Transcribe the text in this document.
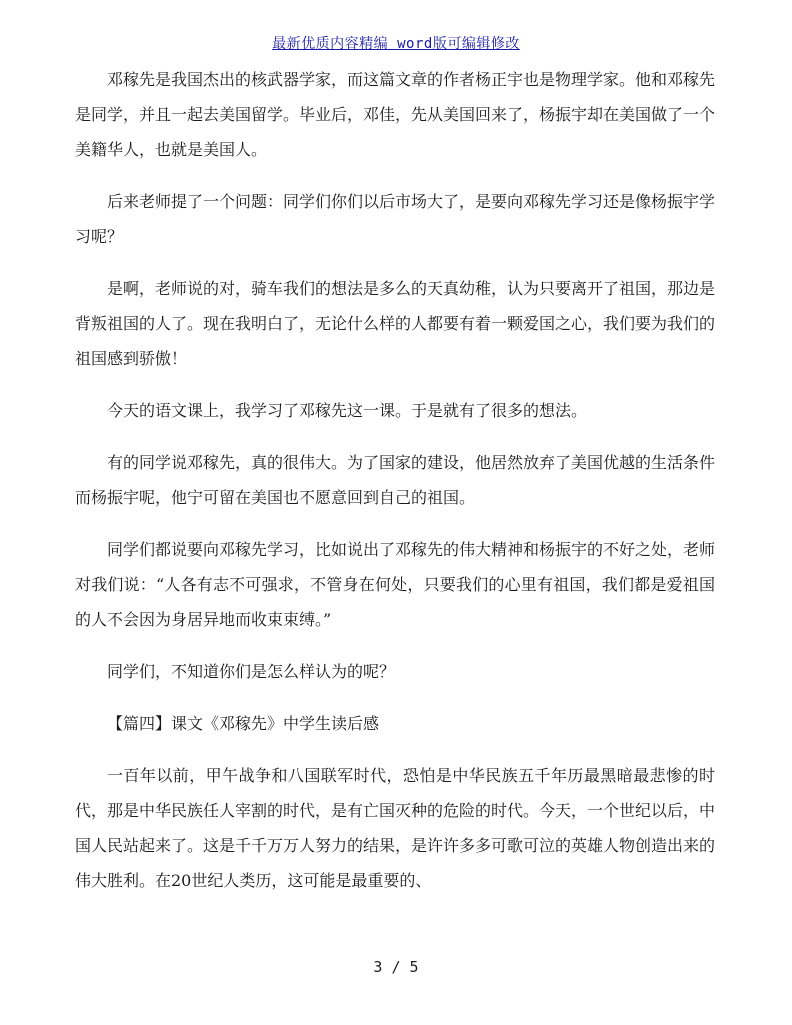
最新优质内容精编 word版可编辑修改

邓稼先是我国杰出的核武器学家，而这篇文章的作者杨正宇也是物理学家。他和邓稼先是同学，并且一起去美国留学。毕业后，邓佳，先从美国回来了，杨振宇却在美国做了一个美籍华人，也就是美国人。

后来老师提了一个问题：同学们你们以后市场大了，是要向邓稼先学习还是像杨振宇学习呢？

是啊，老师说的对，骑车我们的想法是多么的天真幼稚，认为只要离开了祖国，那边是背叛祖国的人了。现在我明白了，无论什么样的人都要有着一颗爱国之心，我们要为我们的祖国感到骄傲！

今天的语文课上，我学习了邓稼先这一课。于是就有了很多的想法。

有的同学说邓稼先，真的很伟大。为了国家的建设，他居然放弃了美国优越的生活条件而杨振宇呢，他宁可留在美国也不愿意回到自己的祖国。

同学们都说要向邓稼先学习，比如说出了邓稼先的伟大精神和杨振宇的不好之处，老师对我们说：“人各有志不可强求，不管身在何处，只要我们的心里有祖国，我们都是爱祖国的人不会因为身居异地而收束束缚。”

同学们，不知道你们是怎么样认为的呢？

【篇四】课文《邓稼先》中学生读后感

一百年以前，甲午战争和八国联军时代，恐怕是中华民族五千年历最黑暗最悲惨的时代，那是中华民族任人宰割的时代，是有亡国灭种的危险的时代。今天，一个世纪以后，中国人民站起来了。这是千千万万人努力的结果，是许许多多可歌可泣的英雄人物创造出来的伟大胜利。在20世纪人类历，这可能是最重要的、

3 / 5
